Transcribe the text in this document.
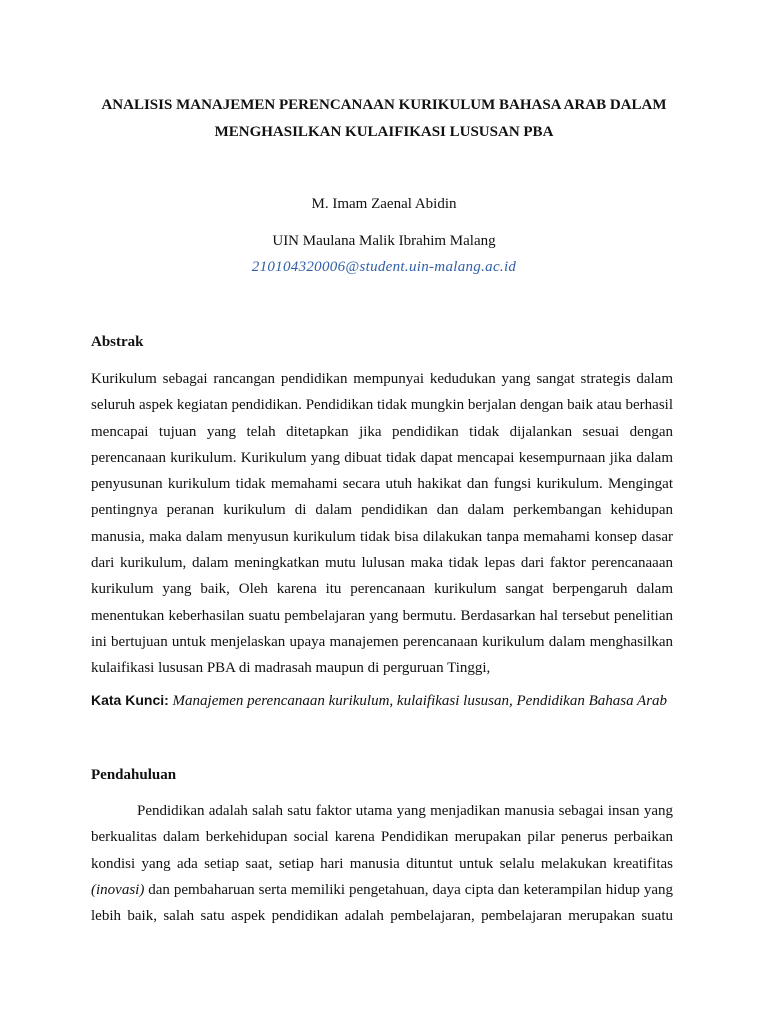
ANALISIS MANAJEMEN PERENCANAAN KURIKULUM BAHASA ARAB DALAM
MENGHASILKAN KULAIFIKASI LUSUSAN PBA
M. Imam Zaenal Abidin
UIN Maulana Malik Ibrahim Malang
210104320006@student.uin-malang.ac.id
Abstrak
Kurikulum sebagai rancangan pendidikan mempunyai kedudukan yang sangat strategis dalam
seluruh aspek kegiatan pendidikan. Pendidikan tidak mungkin berjalan dengan baik atau berhasil
mencapai tujuan yang telah ditetapkan jika pendidikan tidak dijalankan sesuai dengan
perencanaan kurikulum. Kurikulum yang dibuat tidak dapat mencapai kesempurnaan jika dalam
penyusunan kurikulum tidak memahami secara utuh hakikat dan fungsi kurikulum. Mengingat
pentingnya peranan kurikulum di dalam pendidikan dan dalam perkembangan kehidupan
manusia, maka dalam menyusun kurikulum tidak bisa dilakukan tanpa memahami konsep dasar
dari kurikulum, dalam meningkatkan mutu lulusan maka tidak lepas dari faktor perencanaaan
kurikulum yang baik, Oleh karena itu perencanaan kurikulum sangat berpengaruh dalam
menentukan keberhasilan suatu pembelajaran yang bermutu. Berdasarkan hal tersebut penelitian
ini bertujuan untuk menjelaskan upaya manajemen perencanaan kurikulum dalam menghasilkan
kulaifikasi lususan PBA di madrasah maupun di perguruan Tinggi,
Kata Kunci: Manajemen perencanaan kurikulum, kulaifikasi lususan, Pendidikan Bahasa Arab
Pendahuluan
Pendidikan adalah salah satu faktor utama yang menjadikan manusia sebagai insan yang
berkualitas dalam berkehidupan social karena Pendidikan merupakan pilar penerus perbaikan
kondisi yang ada setiap saat, setiap hari manusia dituntut untuk selalu melakukan kreatifitas
(inovasi) dan pembaharuan serta memiliki pengetahuan, daya cipta dan keterampilan hidup yang
lebih baik, salah satu aspek pendidikan adalah pembelajaran, pembelajaran merupakan suatu
